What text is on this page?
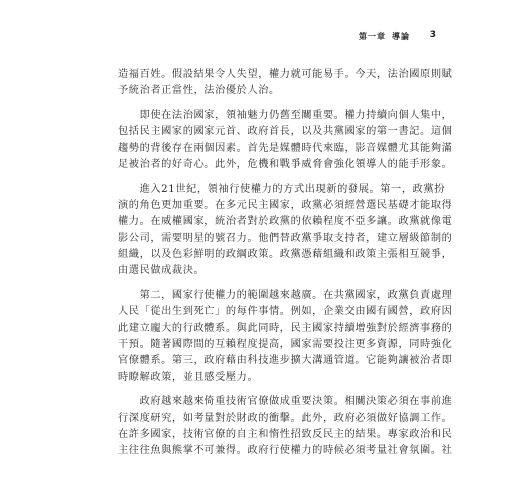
第一章 導論 3
造福百姓。假設結果令人失望，權力就可能易手。今天，法治國原則賦
予統治者正當性，法治優於人治。
　　即使在法治國家，領袖魅力仍舊至關重要。權力持續向個人集中，
包括民主國家的國家元首、政府首長，以及共黨國家的第一書記。這個
趨勢的背後存在兩個因素。首先是媒體時代來臨，影音媒體尤其能夠滿
足被治者的好奇心。此外，危機和戰爭威脅會強化領導人的能手形象。
　　進入21世紀，領袖行使權力的方式出現新的發展。第一，政黨扮
演的角色更加重要。在多元民主國家，政黨必須經營選民基礎才能取得
權力。在威權國家，統治者對於政黨的依賴程度不亞多讓。政黨就像電
影公司，需要明星的號召力。他們替政黨爭取支持者，建立層級節制的
組織，以及色彩鮮明的政綱政策。政黨憑藉組織和政策主張相互競爭，
由選民做成裁決。
　　第二，國家行使權力的範圍越來越廣。在共黨國家，政黨負責處理
人民「從出生到死亡」的每件事情。例如，企業交由國有國營，政府因
此建立龐大的行政體系。與此同時，民主國家持續增強對於經濟事務的
干預。隨著國際間的互賴程度提高，國家需要投注更多資源，同時強化
官僚體系。第三，政府藉由科技進步擴大溝通管道。它能夠讓被治者即
時瞭解政策，並且感受壓力。
　　政府越來越來倚重技術官僚做成重要決策。相關決策必須在事前進
行深度研究，如考量對於財政的衝擊。此外，政府必須做好協調工作。
在許多國家，技術官僚的自主和惰性招致反民主的結果。專家政治和民
主往往魚與熊掌不可兼得。政府行使權力的時候必須考量社會氛圍。社
